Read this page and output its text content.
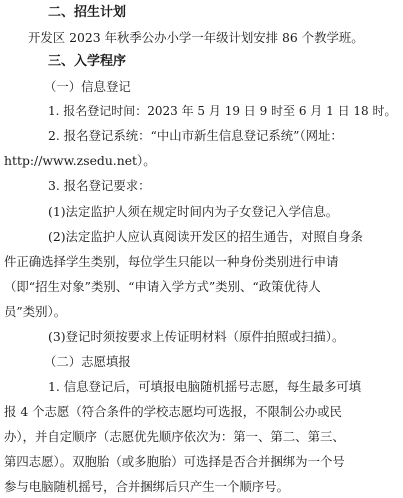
二、招生计划
开发区 2023 年秋季公办小学一年级计划安排 86 个教学班。
三、入学程序
（一）信息登记
1. 报名登记时间：2023 年 5 月 19 日 9 时至 6 月 1 日 18 时。
2. 报名登记系统：“中山市新生信息登记系统”（网址：
http://www.zsedu.net）。
3. 报名登记要求：
(1)法定监护人须在规定时间内为子女登记入学信息。
(2)法定监护人应认真阅读开发区的招生通告，对照自身条
件正确选择学生类别，每位学生只能以一种身份类别进行申请
（即“招生对象”类别、“申请入学方式”类别、“政策优待人
员”类别）。
(3)登记时须按要求上传证明材料（原件拍照或扫描）。
（二）志愿填报
1. 信息登记后，可填报电脑随机摇号志愿，每生最多可填
报 4 个志愿（符合条件的学校志愿均可选报，不限制公办或民
办），并自定顺序（志愿优先顺序依次为：第一、第二、第三、
第四志愿）。双胞胎（或多胞胎）可选择是否合并捆绑为一个号
参与电脑随机摇号，合并捆绑后只产生一个顺序号。
